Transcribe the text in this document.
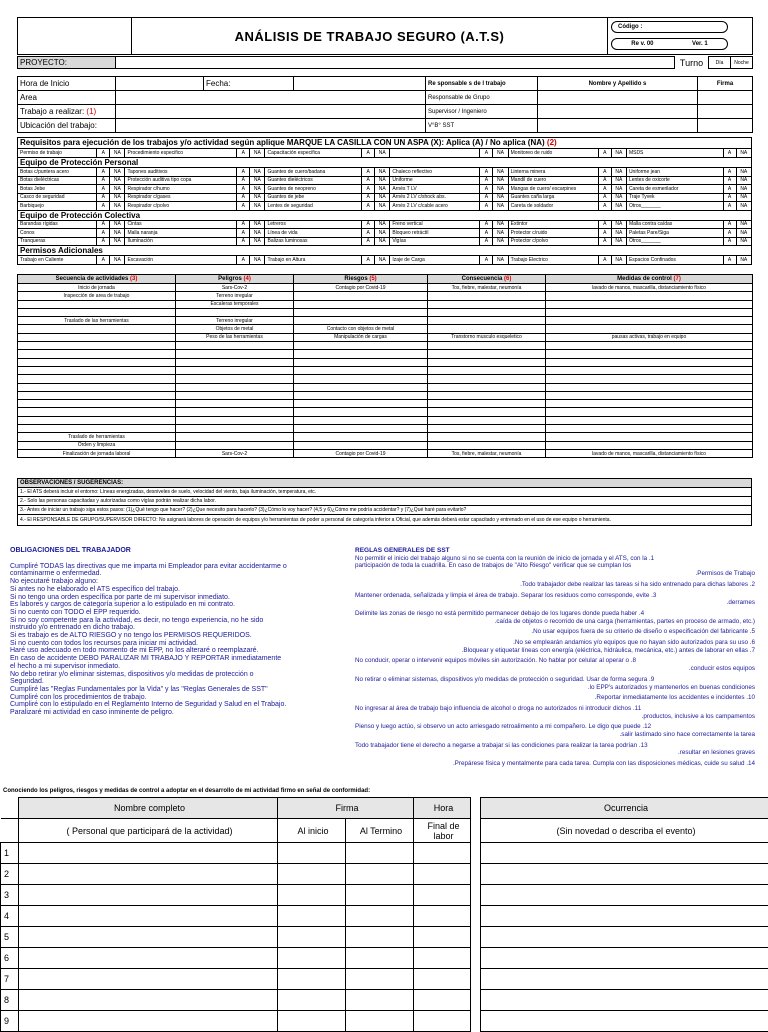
	ANÁLISIS DE TRABAJO SEGURO (A.T.S)	
Código :
Re v. 00	Ver. 1
PROYECTO:		Turno	Día	Noche
Hora de Inicio		Fecha:		Re sponsable s de l trabajo	Nombre y Apellido s	Firma
Area				Responsable de Grupo		
Trabajo a realizar: (1)				Supervisor / Ingeniero		
Ubicación del trabajo:				V°B° SST		
Requisitos para ejecución de los trabajos y/o actividad según aplique MARQUE LA CASILLA CON UN ASPA (X): Aplica (A) / No aplica (NA) (2)
Permiso de trabajo	A	NA	Procedimiento especifico	A	NA	Capacitación especifica	A	NA		A	NA	Monitoreo de ruido	A	NA	MSDS	A	NA
Equipo de Protección Personal																	
Botas c/puntera acero	A	NA	Tapones auditivos	A	NA	Guantes de cuero/badana	A	NA	Chaleco reflectivo	A	NA	Linterna minera	A	NA	Uniforme jean	A	NA
Botas dieléctricas	A	NA	Protección auditiva tipo copa	A	NA	Guantes dieléctricos	A	NA	Uniforme	A	NA	Mandil de cuero	A	NA	Lentes de oxicorte	A	NA
Botas Jebe	A	NA	Respirador c/humo	A	NA	Guantes de neopreno	A	NA	Arnés T LV	A	NA	Mangas de cuero/ escarpines	A	NA	Careta de esmerilador	A	NA
Casco de seguridad	A	NA	Respirador c/gases	A	NA	Guantes de jebe	A	NA	Arnés 2 LV c/shock abs.	A	NA	Guantes caña larga	A	NA	Traje Tyvek	A	NA
Barbiquejo	A	NA	Respirador c/polvo	A	NA	Lentes de seguridad	A	NA	Arnés 2 LV c/cable acero	A	NA	Careta de soldador	A	NA	Otros_______	A	NA
Equipo de Protección Colectiva																	
Barandas rígidas	A	NA	Cintas	A	NA	Letreros	A	NA	Freno vertical	A	NA	Extintor	A	NA	Malla contra caídas	A	NA
Conos	A	NA	Malla naranja	A	NA	Línea de vida	A	NA	Bloqueo retráctil	A	NA	Protector c/ruido	A	NA	Paletas Pare/Siga	A	NA
Tranqueras	A	NA	Iluminación	A	NA	Balizas luminosas	A	NA	Vigías	A	NA	Protector c/polvo	A	NA	Otros_______	A	NA
Permisos Adicionales																	
Trabajo en Caliente	A	NA	Excavación	A	NA	Trabajo en Altura	A	NA	Izaje de Carga	A	NA	Trabajo Electrico	A	NA	Espacios Confinados	A	NA
Secuencia de actividades (3)	Peligros (4)	Riesgos (5)	Consecuencia (6)	Medidas de control (7)
Inicio de jornada	Sars-Cov-2	Contagio por Covid-19	Tos, fiebre, malestar, neumonía	lavado de manos, mascarilla, distanciamiento físico
Inspección de area de trabajo	Terreno irregular			
	Escaleras temporales			

Traslado de las herramientas	Terreno irregular			
	Objetos de metal	Contacto con objetos de metal		
	Peso de las herramientas	Manipulación de cargas	Transtorno musculo esqueletico	pausas activas, trabajo en equipo

Traslado de herramientas				
Orden y limpieza				
Finalización de jornada laboral	Sars-Cov-2	Contagio por Covid-19	Tos, fiebre, malestar, neumonía	lavado de manos, mascarilla, distanciamiento físico
OBSERVACIONES / SUGERENCIAS:
1.- El ATS deberá incluir el entorno: Líneas energizadas, desniveles de suelo, velocidad del viento, baja iluminación, temperatura, etc.
2.- Solo las personas capacitadas y autorizadas como vigías podrán realizar dicha labor.
3.- Antes de iniciar un trabajo siga estos pasos: (1)¿Qué tengo que hacer? (2)¿Que necesito para hacerlo? (3)¿Cómo lo voy hacer? (4,5 y 6)¿Cómo me podría accidentar? y (7)¿Qué haré para evitarlo?
4.- El RESPONSABLE DE GRUPO/SUPERVISOR DIRECTO: No asignará labores de operación de equipos y/o herramientas de poder a personal de categoría inferior a Oficial, que además deberá estar capacitado y entrenado en el uso de ese equipo o herramienta.

OBLIGACIONES DEL TRABAJADOR

Cumpliré TODAS las directivas que me imparta mi Empleador para evitar accidentarme o

contaminarme o enfermedad.

No ejecutaré trabajo alguno:

Si antes no he elaborado el ATS específico del trabajo.

Si no tengo una orden específica por parte de mi supervisor inmediato.

Es labores y cargos de categoría superior a lo estipulado en mi contrato.

Si no cuento con TODO el EPP requerido.

Si no soy competente para la actividad, es decir, no tengo experiencia, no he sido

instruido y/o entrenado en dicho trabajo.

Si es trabajo es de ALTO RIESGO y no tengo los PERMISOS REQUERIDOS.

Si no cuento con todos los recursos para iniciar mi actividad.

Haré uso adecuado en todo momento de mi EPP, no los alteraré o reemplazaré.

En caso de accidente DEBO PARALIZAR MI TRABAJO Y REPORTAR inmediatamente

el hecho a mi supervisor inmediato.

No debo retirar y/o eliminar sistemas, dispositivos y/o medidas de protección o

Seguridad.

Cumpliré las "Reglas Fundamentales por la Vida" y las "Reglas Generales de SST"

Cumpliré con los procedimientos de trabajo.

Cumpliré con lo estipulado en el Reglamento Interno de Seguridad y Salud en el Trabajo.

Paralizaré mi actividad en caso inminente de peligro.

REGLAS GENERALES DE SST

No permitir el inicio del trabajo alguno si no se cuenta con la reunión de inicio de jornada y el ATS, con la .1

participación de toda la cuadrilla. En caso de trabajos de "Alto Riesgo" verificar que se cumplan los

.Permisos de Trabajo

.Todo trabajador debe realizar las tareas si ha sido entrenado para dichas labores .2

Mantener ordenada, señalizada y limpia el área de trabajo. Separar los residuos como corresponde, evite .3

.derrames

Delimite las zonas de riesgo no está permitido permanecer debajo de los lugares donde pueda haber .4

.caída de objetos o recorrido de una carga (herramientas, partes en proceso de armado, etc.)

.No usar equipos fuera de su criterio de diseño o especificación del fabricante .5

.No se emplearán andamios y/o equipos que no hayan sido autorizados para su uso .6

.Bloquear y etiquetar líneas con energía (eléctrica, hidráulica, mecánica, etc.) antes de laborar en ellas .7

No conducir, operar o intervenir equipos móviles sin autorización. No hablar por celular al operar o .8

.conducir estos equipos

No retirar o eliminar sistemas, dispositivos y/o medidas de protección o seguridad. Usar de forma segura .9

.lo EPP's autorizados y mantenerlos en buenas condiciones

.Reportar inmediatamente los accidentes e incidentes .10

No ingresar al área de trabajo bajo influencia de alcohol o droga no autorizados ni introducir dichos .11

.productos, inclusive a los campamentos

Pienso y luego actúo, si observo un acto arriesgado retroalimento a mi compañero. Le digo que puede .12

.salir lastimado sino hace correctamente la tarea

Todo trabajador tiene el derecho a negarse a trabajar si las condiciones para realizar la tarea podrían .13

.resultar en lesiones graves

.Prepárese física y mentalmente para cada tarea. Cumpla con las disposiciones médicas, cuide su salud .14

Conociendo los peligros, riesgos y medidas de control a adoptar en el desarrollo de mi actividad firmo en señal de conformidad:
	Nombre completo	Firma		Hora		Ocurrencia
	( Personal que participará de la actividad)	Al inicio	Al Termino	Final de labor		(Sin novedad o describa el evento)
1						
2						
3						
4						
5						
6						
7						
8						
9						
